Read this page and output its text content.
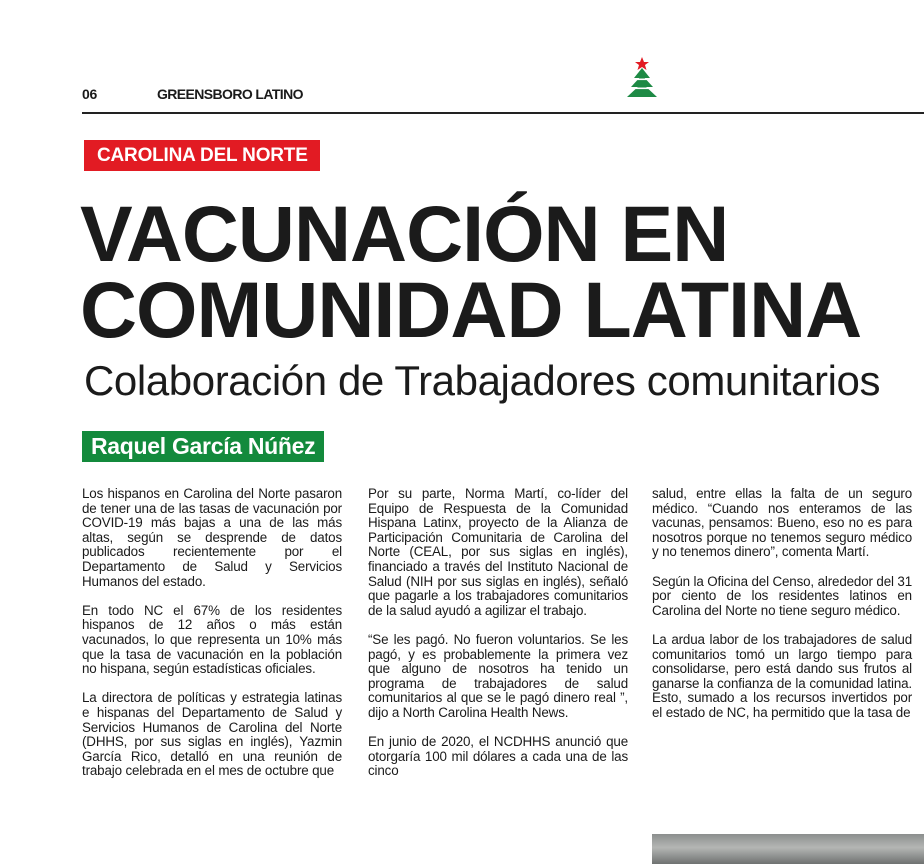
06	GREENSBORO LATINO
CAROLINA DEL NORTE
VACUNACIÓN EN
COMUNIDAD LATINA
Colaboración de Trabajadores comunitarios
Raquel García Núñez

Los hispanos en Carolina del Norte pasaron de tener una de las tasas de vacunación por COVID-19 más bajas a una de las más altas, según se desprende de datos publicados recientemente por el Departamento de Salud y Servicios Humanos del estado.

En todo NC el 67% de los residentes hispanos de 12 años o más están vacunados, lo que representa un 10% más que la tasa de vacunación en la población no hispana, según estadísticas oficiales.

La directora de políticas y estrategia latinas e hispanas del Departamento de Salud y Servicios Humanos de Carolina del Norte (DHHS, por sus siglas en inglés), Yazmin García Rico, detalló en una reunión de trabajo celebrada en el mes de octubre que

Por su parte, Norma Martí, co-líder del Equipo de Respuesta de la Comunidad Hispana Latinx, proyecto de la Alianza de Participación Comunitaria de Carolina del Norte (CEAL, por sus siglas en inglés), financiado a través del Instituto Nacional de Salud (NIH por sus siglas en inglés), señaló que pagarle a los trabajadores comunitarios de la salud ayudó a agilizar el trabajo.

“Se les pagó. No fueron voluntarios. Se les pagó, y es probablemente la primera vez que alguno de nosotros ha tenido un programa de trabajadores de salud comunitarios al que se le pagó dinero real ”, dijo a North Carolina Health News.

En junio de 2020, el NCDHHS anunció que otorgaría 100 mil dólares a cada una de las cinco

salud, entre ellas la falta de un seguro médico. “Cuando nos enteramos de las vacunas, pensamos: Bueno, eso no es para nosotros porque no tenemos seguro médico y no tenemos dinero”, comenta Martí.

Según la Oficina del Censo, alrededor del 31 por ciento de los residentes latinos en Carolina del Norte no tiene seguro médico.

La ardua labor de los trabajadores de salud comunitarios tomó un largo tiempo para consolidarse, pero está dando sus frutos al ganarse la confianza de la comunidad latina. Esto, sumado a los recursos invertidos por el estado de NC, ha permitido que la tasa de
